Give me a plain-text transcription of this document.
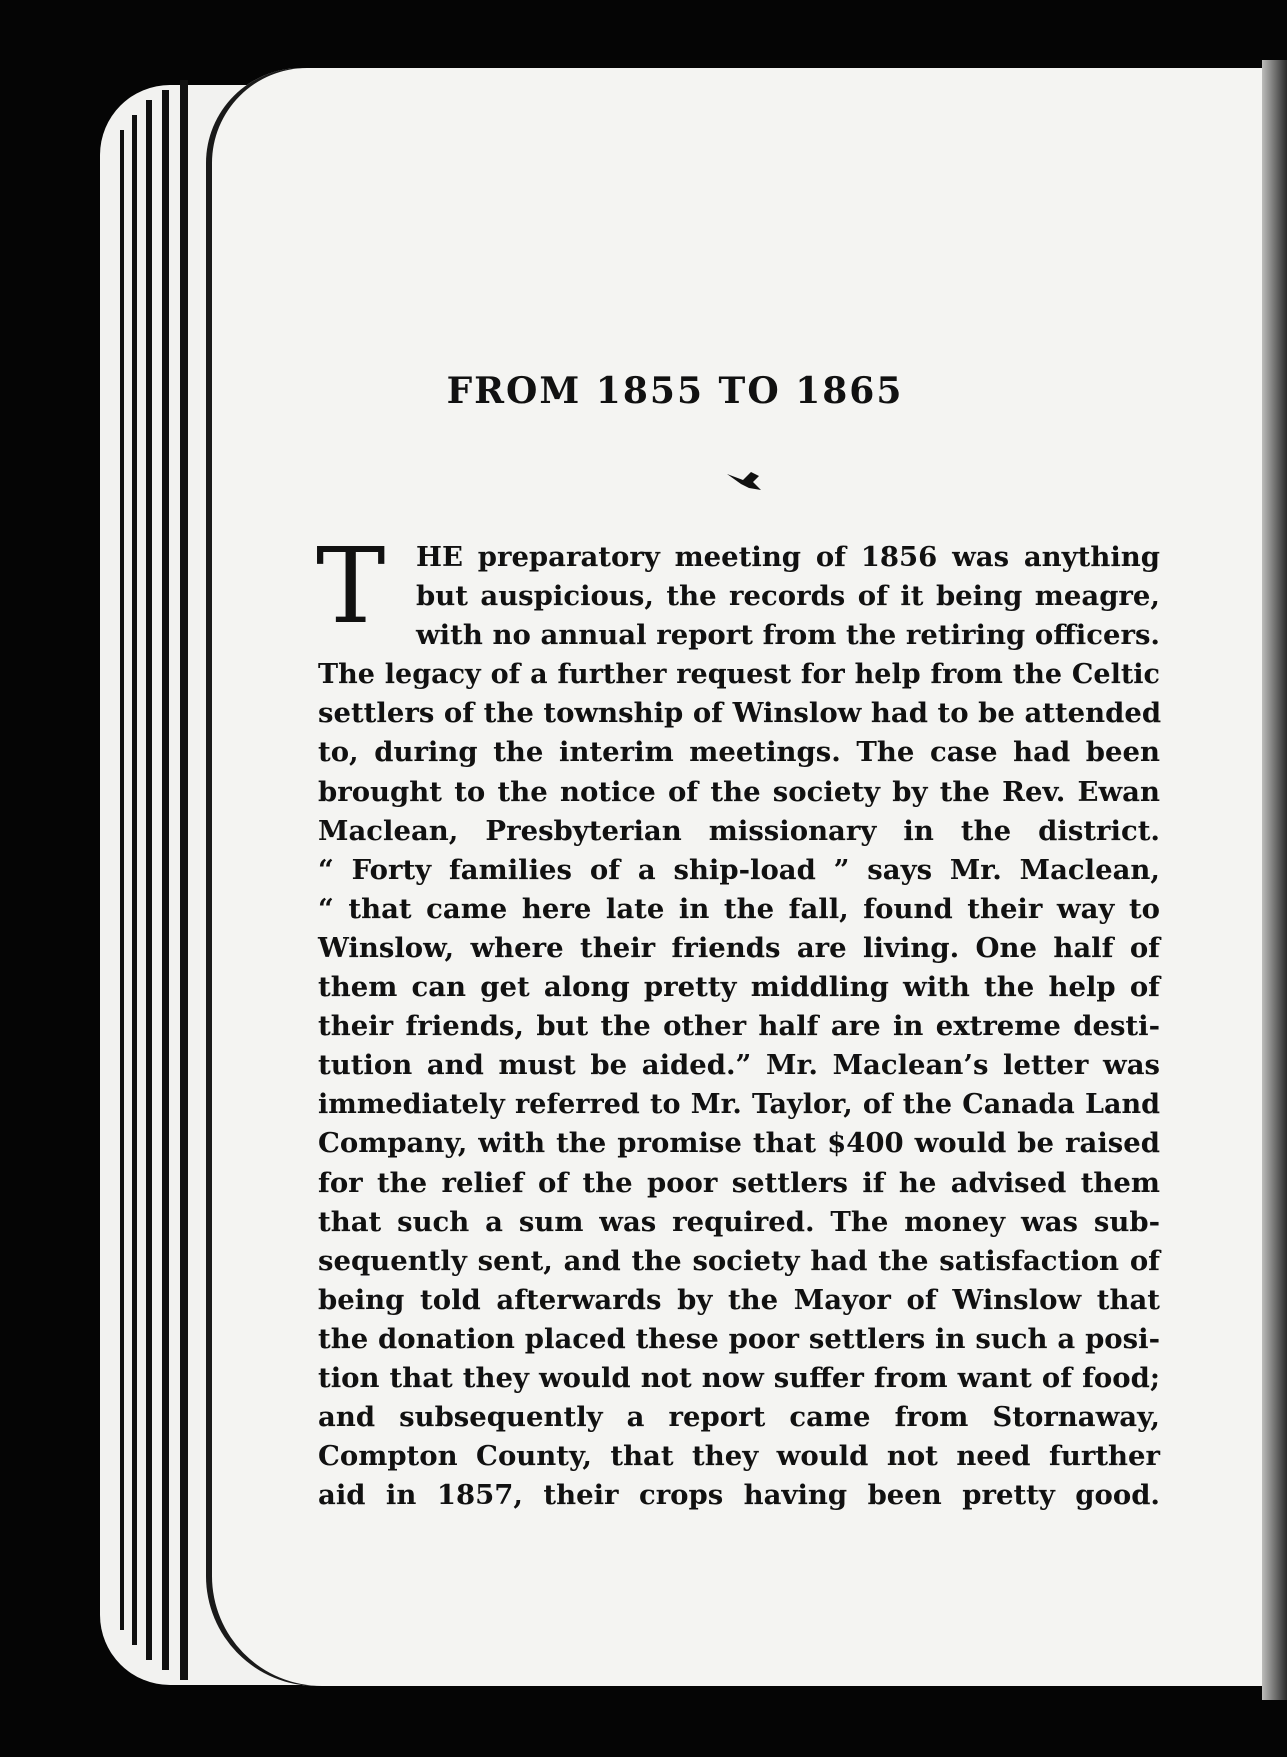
FROM 1855 TO 1865
T	HE preparatory meeting of 1856 was anything
but auspicious, the records of it being meagre,
with no annual report from the retiring officers.
The legacy of a further request for help from the Celtic
settlers of the township of Winslow had to be attended
to, during the interim meetings. The case had been
brought to the notice of the society by the Rev. Ewan
Maclean, Presbyterian missionary in the district.
“ Forty families of a ship-load ” says Mr. Maclean,
“ that came here late in the fall, found their way to
Winslow, where their friends are living. One half of
them can get along pretty middling with the help of
their friends, but the other half are in extreme desti-
tution and must be aided.” Mr. Maclean’s letter was
immediately referred to Mr. Taylor, of the Canada Land
Company, with the promise that $400 would be raised
for the relief of the poor settlers if he advised them
that such a sum was required. The money was sub-
sequently sent, and the society had the satisfaction of
being told afterwards by the Mayor of Winslow that
the donation placed these poor settlers in such a posi-
tion that they would not now suffer from want of food;
and subsequently a report came from Stornaway,
Compton County, that they would not need further
aid in 1857, their crops having been pretty good.
